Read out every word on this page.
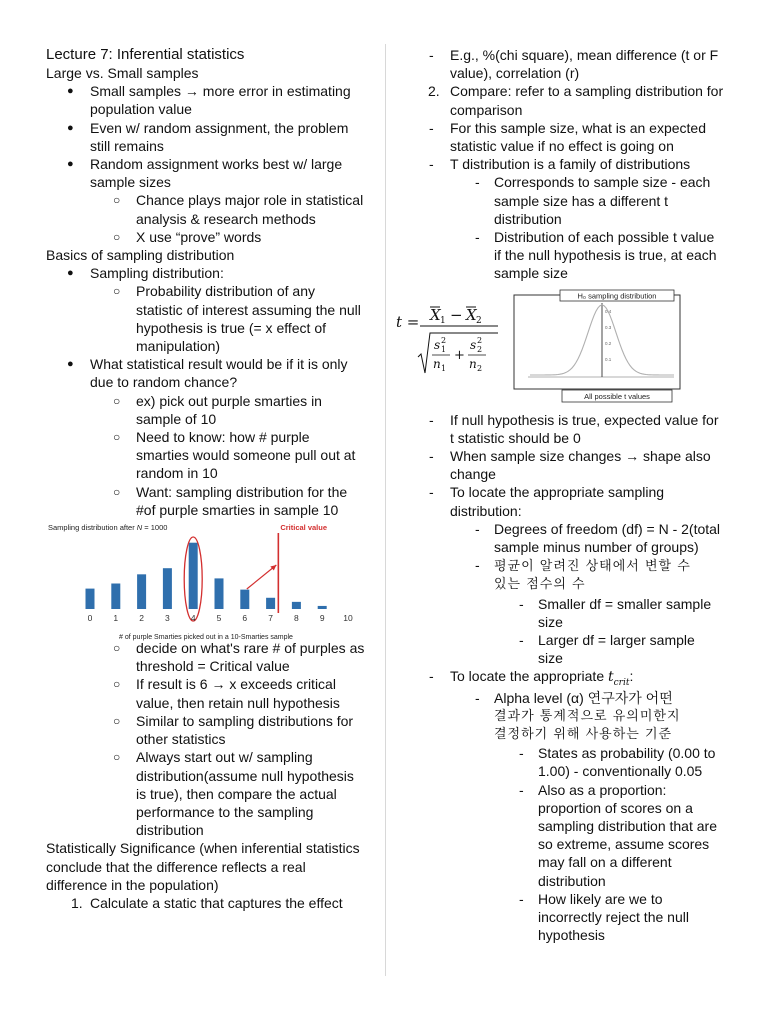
Lecture 7: Inferential statistics
Large vs. Small samples
● Small samples → more error in estimating
population value
● Even w/ random assignment, the problem
still remains
● Random assignment works best w/ large
sample sizes
○ Chance plays major role in statistical
analysis & research methods
○ X use “prove” words
Basics of sampling distribution
● Sampling distribution:
○ Probability distribution of any
statistic of interest assuming the null
hypothesis is true (= x effect of
manipulation)
● What statistical result would be if it is only
due to random chance?
○ ex) pick out purple smarties in
sample of 10
○ Need to know: how # purple
smarties would someone pull out at
random in 10
○ Want: sampling distribution for the
#of purple smarties in sample 10
Sampling distribution after N = 1000
0 1 2 3 4 5 6 7 8 9 10
Critical value
# of purple Smarties picked out in a 10-Smarties sample
○ decide on what's rare # of purples as
threshold = Critical value
○ If result is 6 → x exceeds critical
value, then retain null hypothesis
○ Similar to sampling distributions for
other statistics
○ Always start out w/ sampling
distribution(assume null hypothesis
is true), then compare the actual
performance to the sampling
distribution
Statistically Significance (when inferential statistics
conclude that the difference reflects a real
difference in the population)
1. Calculate a static that captures the effect
- E.g., %(chi square), mean difference (t or F
value), correlation (r)
2. Compare: refer to a sampling distribution for
comparison
- For this sample size, what is an expected
statistic value if no effect is going on
- T distribution is a family of distributions
- Corresponds to sample size - each
sample size has a different t
distribution
- Distribution of each possible t value
if the null hypothesis is true, at each
sample size
t = X 1 − X 2
s 2
1
n 1
+
s 2
2
n 2
H₀ sampling distribution
0.4
0.3
0.2
0.1
All possible t values
- If null hypothesis is true, expected value for
t statistic should be 0
- When sample size changes → shape also
change
- To locate the appropriate sampling
distribution:
- Degrees of freedom (df) = N - 2(total
sample minus number of groups)
- 평균이 알려진 상태에서 변할 수
있는 점수의 수
- Smaller df = smaller sample
size
- Larger df = larger sample
size
- To locate the appropriate $t_{crit}$:
- Alpha level (α) 연구자가 어떤
결과가 통계적으로 유의미한지
결정하기 위해 사용하는 기준
- States as probability (0.00 to
1.00) - conventionally 0.05
- Also as a proportion:
proportion of scores on a
sampling distribution that are
so extreme, assume scores
may fall on a different
distribution
- How likely are we to
incorrectly reject the null
hypothesis
